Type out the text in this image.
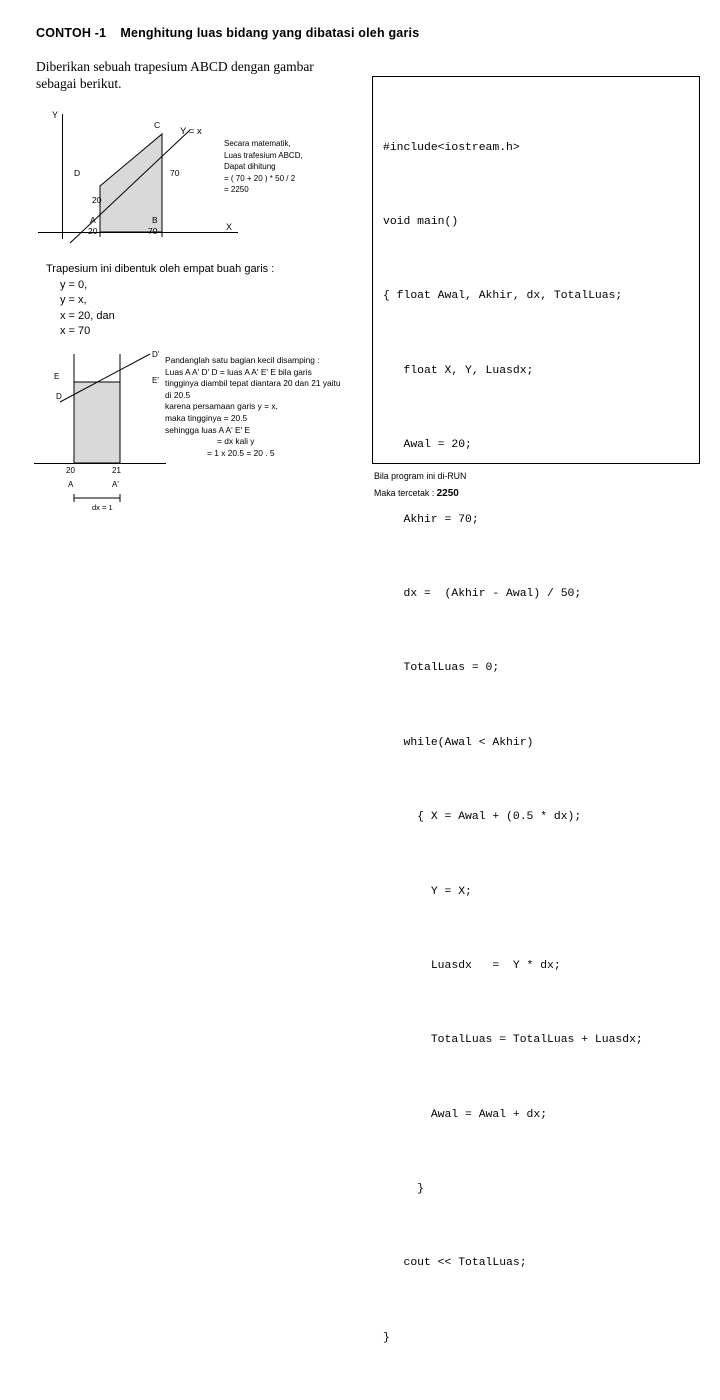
CONTOH -1 Menghitung luas bidang yang dibatasi oleh garis
Diberikan sebuah trapesium ABCD dengan gambar
sebagai berikut.
Y
X
C
D	70
20
A	B
20	70
Y = x
Secara matematik,
Luas trafesium ABCD,
Dapat dihitung
= ( 70 + 20 ) * 50 / 2
= 2250
Trapesium ini dibentuk oleh empat buah garis :
y = 0,
y = x,
x = 20, dan
x = 70
D'
E'
E
D
20	21
A	A'
dx = 1
Pandanglah satu bagian kecil disamping :
Luas A A' D' D = luas A A' E' E bila garis
tingginya diambil tepat diantara 20 dan 21 yaitu
di 20.5
karena persamaan garis y = x,
maka tingginya = 20.5
sehingga luas A A' E' E
= dx kali y
= 1 x 20.5 = 20 . 5

#include<iostream.h>

void main()

{ float Awal, Akhir, dx, TotalLuas;

float X, Y, Luasdx;

Awal = 20;

Akhir = 70;

dx =  (Akhir - Awal) / 50;

TotalLuas = 0;

while(Awal < Akhir)

{ X = Awal + (0.5 * dx);

Y = X;

Luasdx   =  Y * dx;

TotalLuas = TotalLuas + Luasdx;

Awal = Awal + dx;

}

cout << TotalLuas;

}

Bila program ini di-RUN
Maka tercetak : 2250
